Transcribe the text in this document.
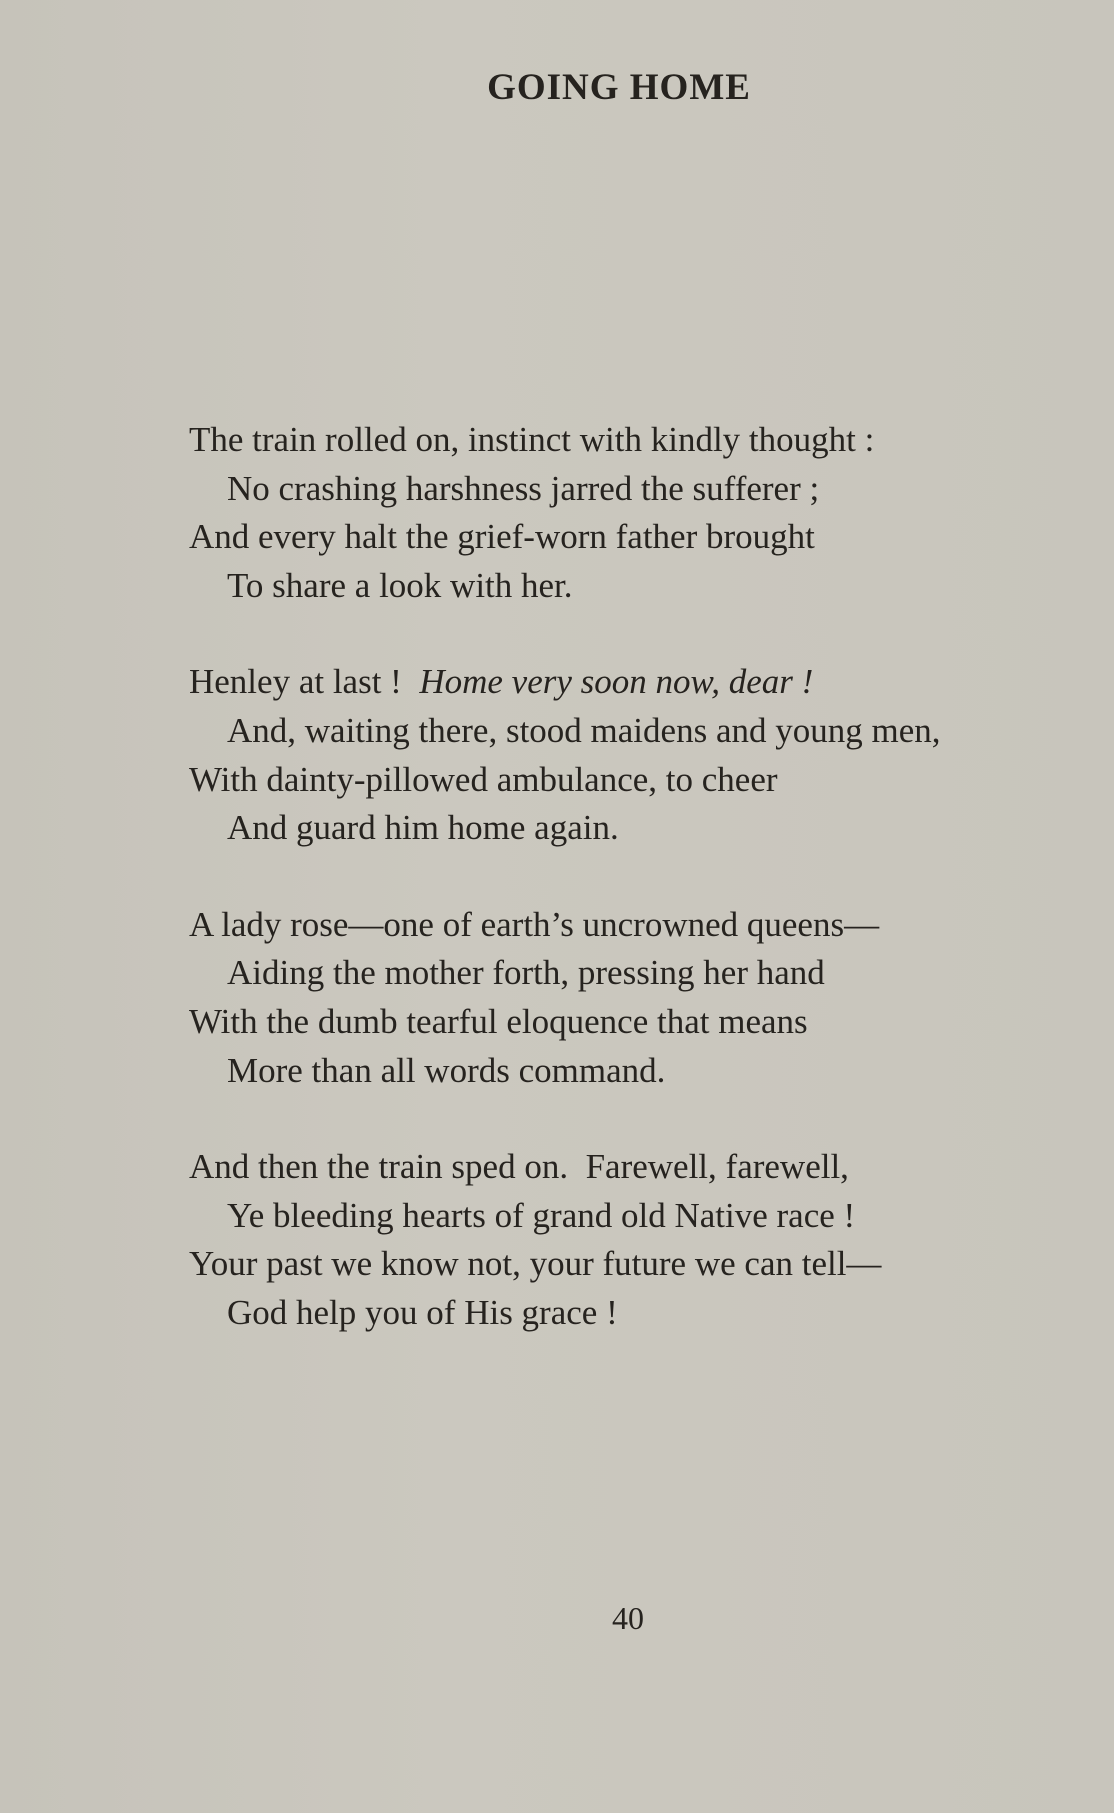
GOING HOME
The train rolled on, instinct with kindly thought :
No crashing harshness jarred the sufferer ;
And every halt the grief-worn father brought
To share a look with her.
Henley at last ! Home very soon now, dear !
And, waiting there, stood maidens and young men,
With dainty-pillowed ambulance, to cheer
And guard him home again.
A lady rose—one of earth’s uncrowned queens—
Aiding the mother forth, pressing her hand
With the dumb tearful eloquence that means
More than all words command.
And then the train sped on.  Farewell, farewell,
Ye bleeding hearts of grand old Native race !
Your past we know not, your future we can tell—
God help you of His grace !
40
